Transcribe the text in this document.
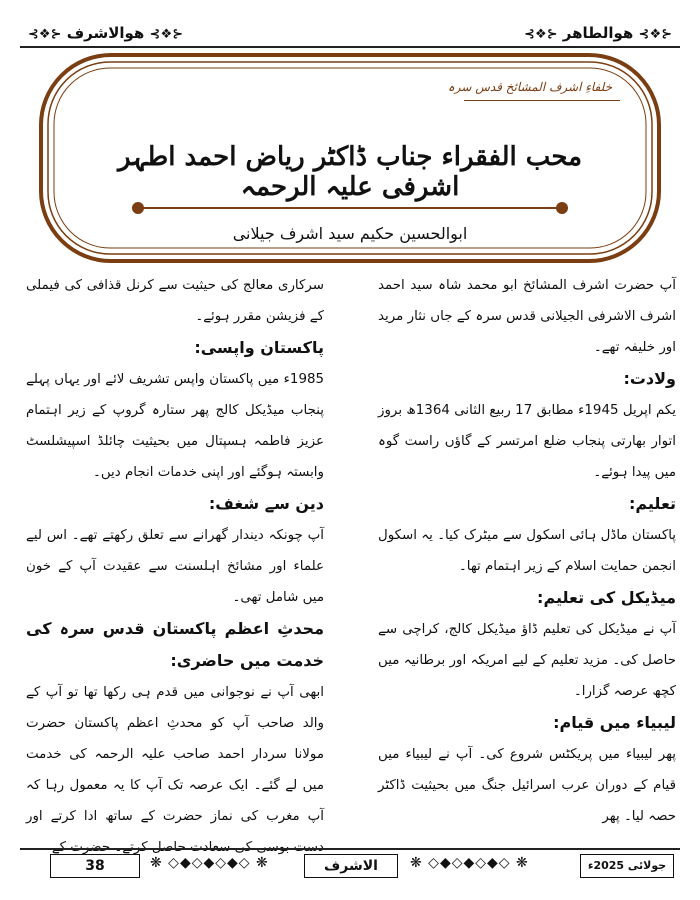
⊰❖⊱ هوالطاهر ⊰❖⊱
⊰❖⊱ هوالاشرف ⊰❖⊱
خلفاءِ اشرف المشائخ قدس سرہ
محب الفقراء جناب ڈاکٹر ریاض احمد اطہر اشرفی علیہ الرحمہ
ابوالحسین حکیم سید اشرف جیلانی

آپ حضرت اشرف المشائخ ابو محمد شاہ سید احمد اشرف الاشرفی الجیلانی قدس سرہ کے جاں نثار مرید اور خلیفہ تھے۔

ولادت:

یکم اپریل 1945ء مطابق 17 ربیع الثانی 1364ھ بروز اتوار بھارتی پنجاب ضلع امرتسر کے گاؤں راست گوہ میں پیدا ہوئے۔

تعلیم:

پاکستان ماڈل ہائی اسکول سے میٹرک کیا۔ یہ اسکول انجمن حمایت اسلام کے زیر اہتمام تھا۔

میڈیکل کی تعلیم:

آپ نے میڈیکل کی تعلیم ڈاؤ میڈیکل کالج، کراچی سے حاصل کی۔ مزید تعلیم کے لیے امریکہ اور برطانیہ میں کچھ عرصہ گزارا۔

لیبیاء میں قیام:

پھر لیبیاء میں پریکٹس شروع کی۔ آپ نے لیبیاء میں قیام کے دوران عرب اسرائیل جنگ میں بحیثیت ڈاکٹر حصہ لیا۔ پھر

سرکاری معالج کی حیثیت سے کرنل قذافی کی فیملی کے فزیشن مقرر ہوئے۔

پاکستان واپسی:

1985ء میں پاکستان واپس تشریف لائے اور یہاں پہلے پنجاب میڈیکل کالج پھر ستارہ گروپ کے زیر اہتمام عزیز فاطمہ ہسپتال میں بحیثیت چائلڈ اسپیشلسٹ وابستہ ہوگئے اور اپنی خدمات انجام دیں۔

دین سے شغف:

آپ چونکہ دیندار گھرانے سے تعلق رکھتے تھے۔ اس لیے علماء اور مشائخ اہلسنت سے عقیدت آپ کے خون میں شامل تھی۔

محدثِ اعظم پاکستان قدس سرہ کی خدمت میں حاضری:

ابھی آپ نے نوجوانی میں قدم ہی رکھا تھا تو آپ کے والد صاحب آپ کو محدثِ اعظم پاکستان حضرت مولانا سردار احمد صاحب علیہ الرحمہ کی خدمت میں لے گئے۔ ایک عرصہ تک آپ کا یہ معمول رہا کہ آپ مغرب کی نماز حضرت کے ساتھ ادا کرتے اور دست بوسی کی سعادت حاصل کرتے۔ حضرت کے

38	❋ ◇◆◇◆◇◆◇ ❋	الاشرف	❋ ◇◆◇◆◇◆◇ ❋	جولائی 2025ء
